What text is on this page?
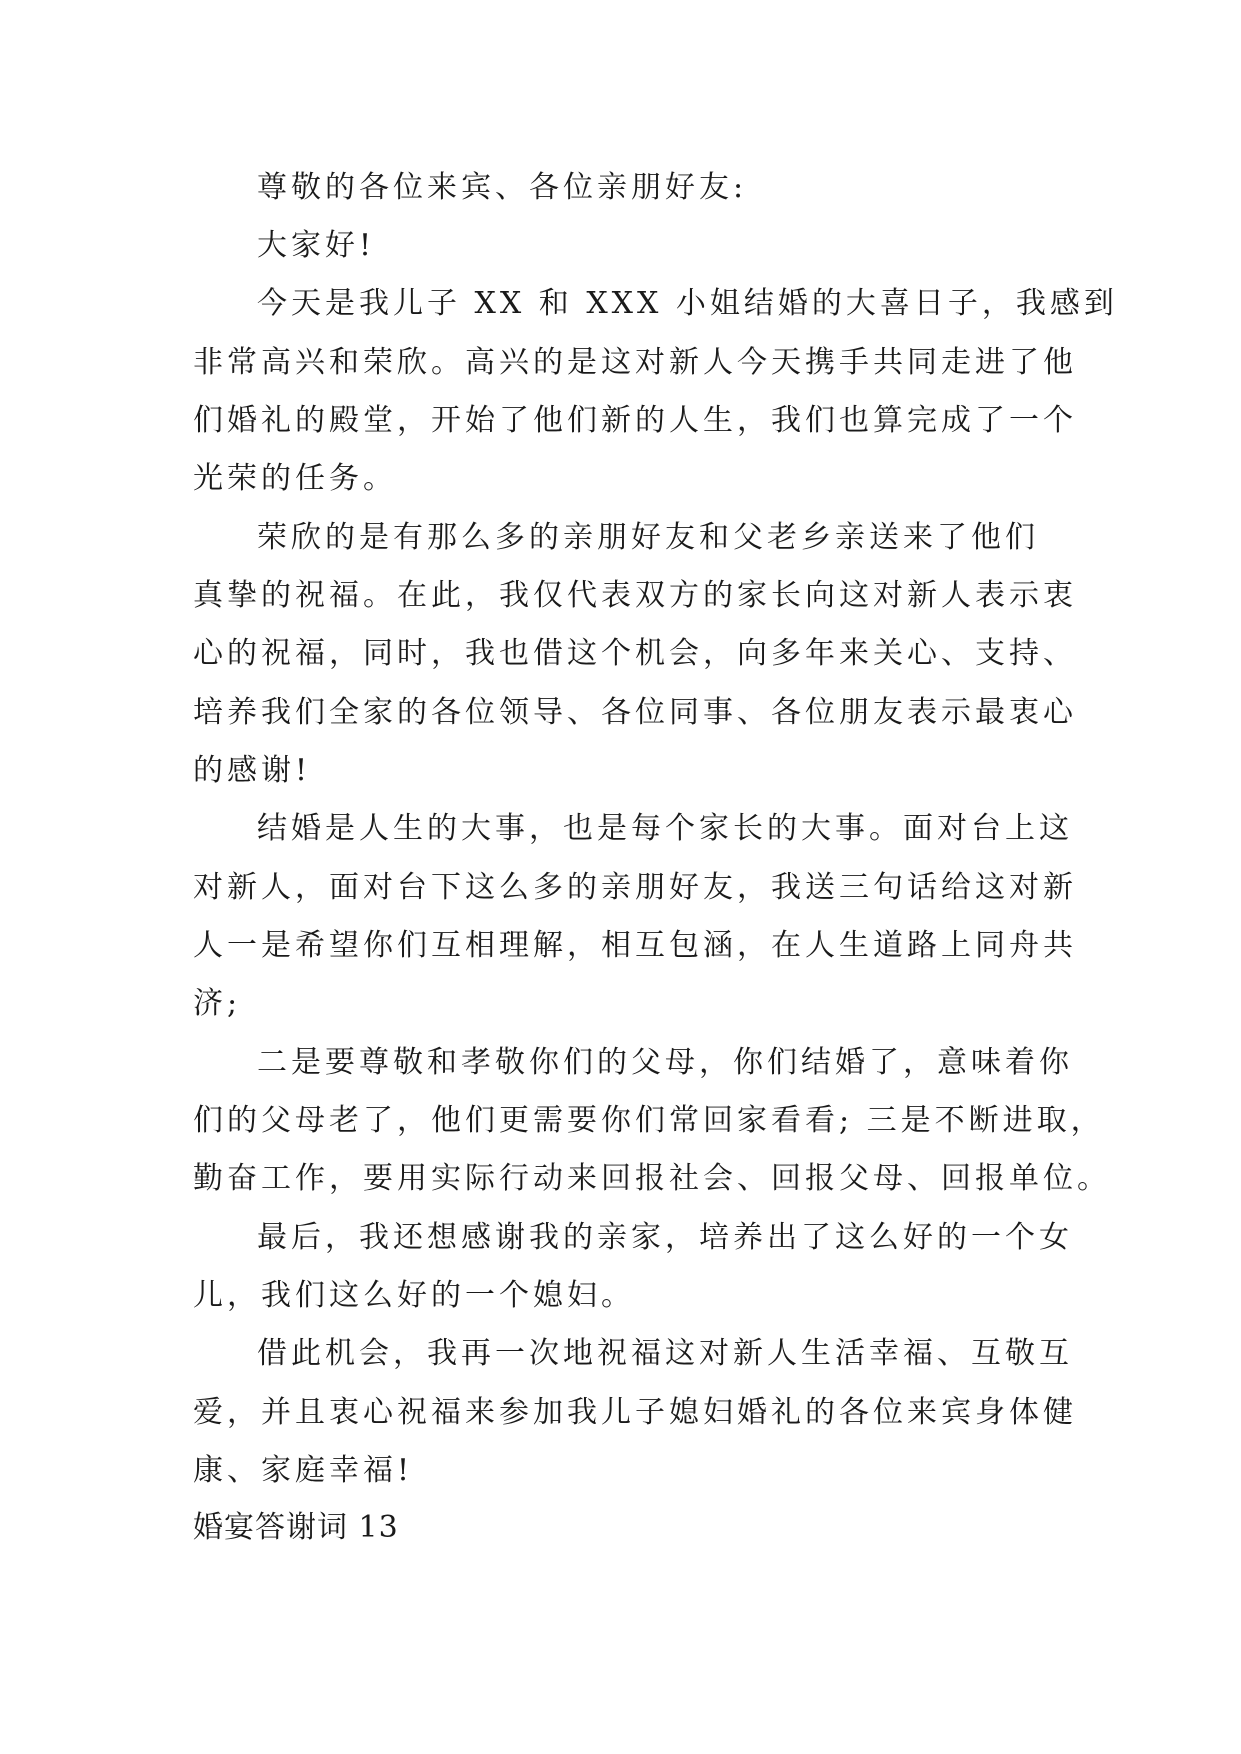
尊敬的各位来宾、各位亲朋好友:
大家好!
今天是我儿子 XX 和 XXX 小姐结婚的大喜日子，我感到
非常高兴和荣欣。高兴的是这对新人今天携手共同走进了他
们婚礼的殿堂，开始了他们新的人生，我们也算完成了一个
光荣的任务。
荣欣的是有那么多的亲朋好友和父老乡亲送来了他们
真挚的祝福。在此，我仅代表双方的家长向这对新人表示衷
心的祝福，同时，我也借这个机会，向多年来关心、支持、
培养我们全家的各位领导、各位同事、各位朋友表示最衷心
的感谢!
结婚是人生的大事，也是每个家长的大事。面对台上这
对新人，面对台下这么多的亲朋好友，我送三句话给这对新
人一是希望你们互相理解，相互包涵，在人生道路上同舟共
济;
二是要尊敬和孝敬你们的父母，你们结婚了，意味着你
们的父母老了，他们更需要你们常回家看看; 三是不断进取，
勤奋工作，要用实际行动来回报社会、回报父母、回报单位。
最后，我还想感谢我的亲家，培养出了这么好的一个女
儿，我们这么好的一个媳妇。
借此机会，我再一次地祝福这对新人生活幸福、互敬互
爱，并且衷心祝福来参加我儿子媳妇婚礼的各位来宾身体健
康、家庭幸福!
婚宴答谢词 13
